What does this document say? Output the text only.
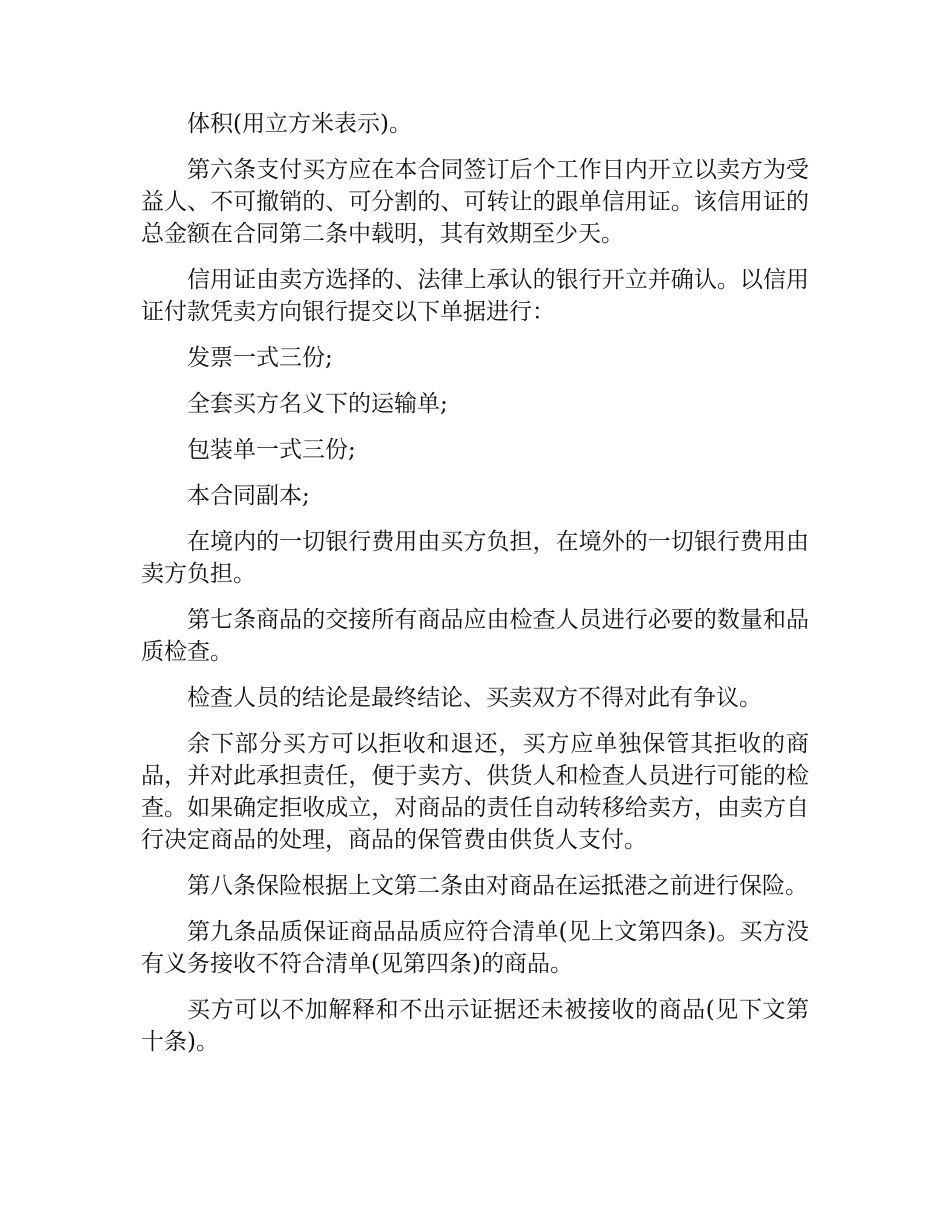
体积(用立方米表示)。

第六条支付买方应在本合同签订后个工作日内开立以卖方为受益人、不可撤销的、可分割的、可转让的跟单信用证。该信用证的总金额在合同第二条中载明，其有效期至少天。

信用证由卖方选择的、法律上承认的银行开立并确认。以信用证付款凭卖方向银行提交以下单据进行：

发票一式三份;

全套买方名义下的运输单;

包装单一式三份;

本合同副本;

在境内的一切银行费用由买方负担，在境外的一切银行费用由卖方负担。

第七条商品的交接所有商品应由检查人员进行必要的数量和品质检查。

检查人员的结论是最终结论、买卖双方不得对此有争议。

余下部分买方可以拒收和退还，买方应单独保管其拒收的商品，并对此承担责任，便于卖方、供货人和检查人员进行可能的检查。如果确定拒收成立，对商品的责任自动转移给卖方，由卖方自行决定商品的处理，商品的保管费由供货人支付。

第八条保险根据上文第二条由对商品在运抵港之前进行保险。

第九条品质保证商品品质应符合清单(见上文第四条)。买方没有义务接收不符合清单(见第四条)的商品。

买方可以不加解释和不出示证据还未被接收的商品(见下文第十条)。
